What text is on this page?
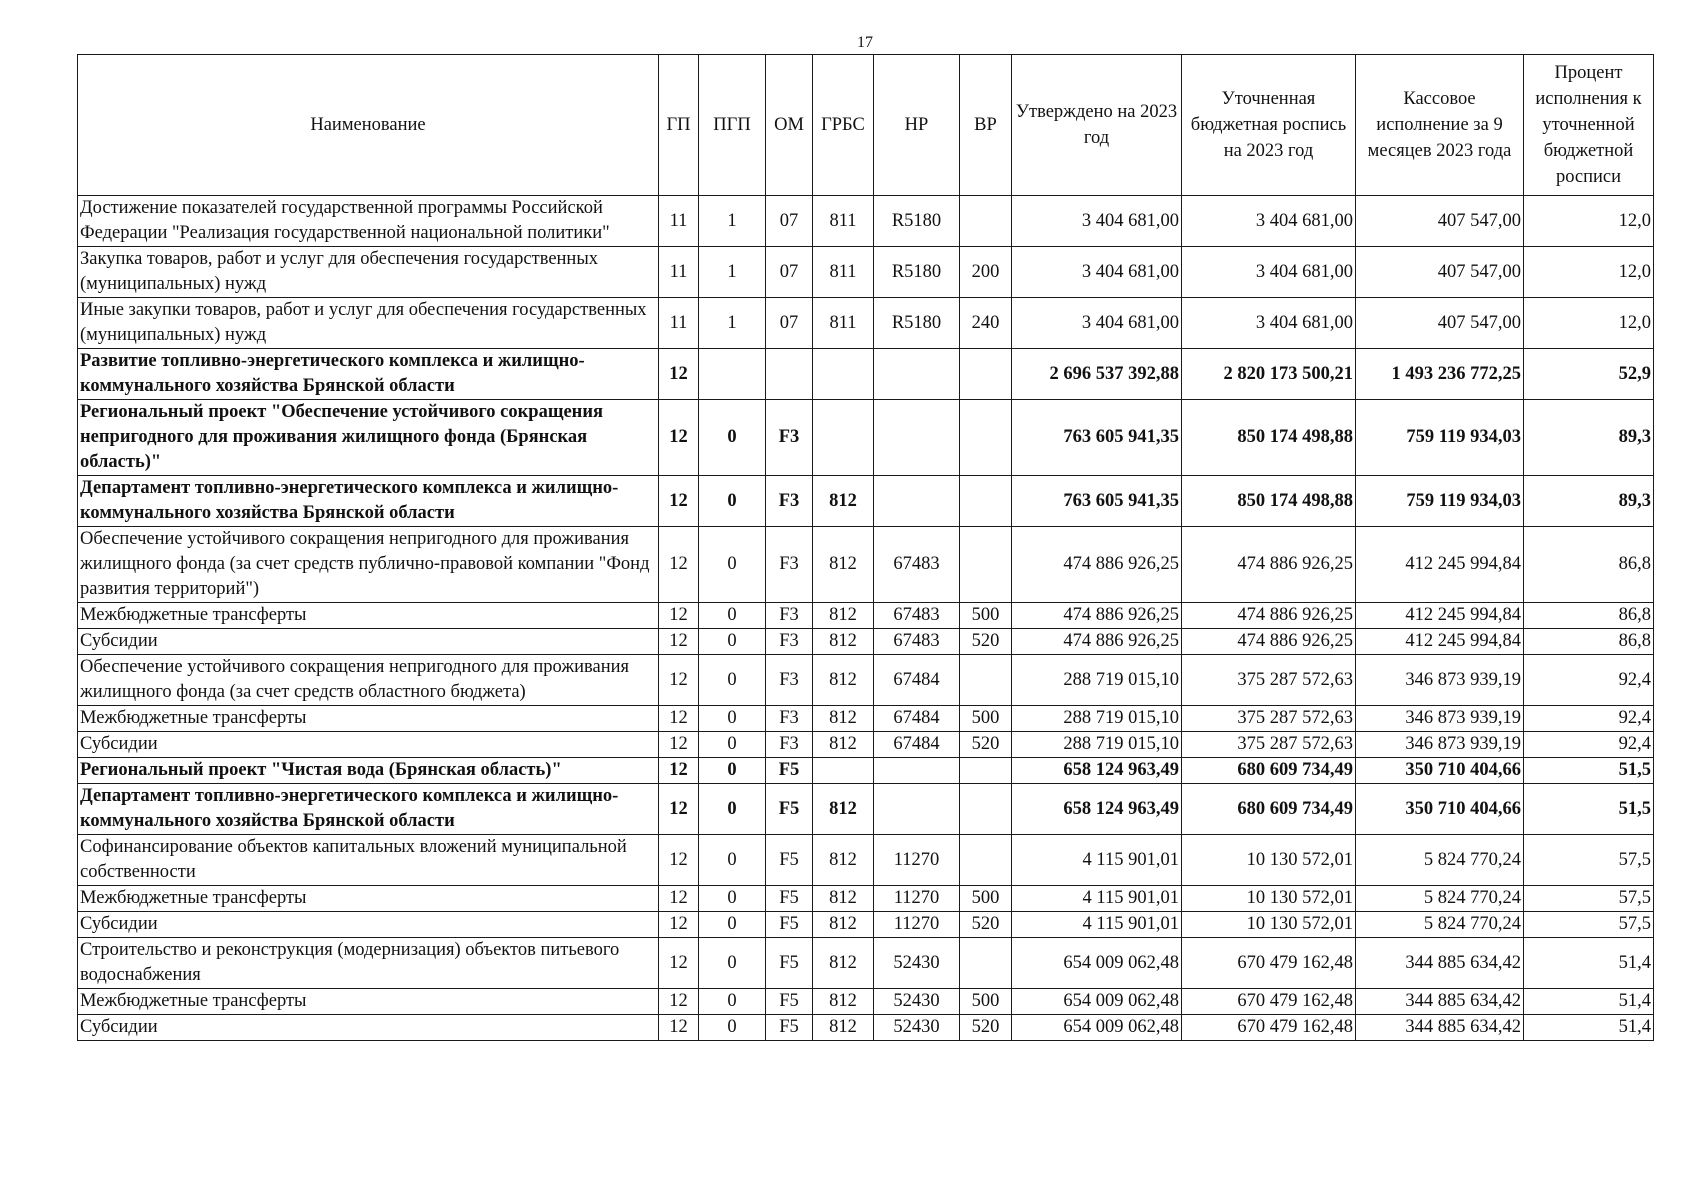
17
Наименование	ГП	ПГП	ОМ	ГРБС	НР	ВР	Утверждено на 2023 год	Уточненная бюджетная роспись на 2023 год	Кассовое исполнение за 9 месяцев 2023 года	Процент исполнения к уточненной бюджетной росписи
Достижение показателей государственной программы Российской Федерации "Реализация государственной национальной политики"	11	1	07	811	R5180		3 404 681,00	3 404 681,00	407 547,00	12,0
Закупка товаров, работ и услуг для обеспечения государственных (муниципальных) нужд	11	1	07	811	R5180	200	3 404 681,00	3 404 681,00	407 547,00	12,0
Иные закупки товаров, работ и услуг для обеспечения государственных (муниципальных) нужд	11	1	07	811	R5180	240	3 404 681,00	3 404 681,00	407 547,00	12,0
Развитие топливно-энергетического комплекса и жилищно-коммунального хозяйства Брянской области	12						2 696 537 392,88	2 820 173 500,21	1 493 236 772,25	52,9
Региональный проект "Обеспечение устойчивого сокращения непригодного для проживания жилищного фонда (Брянская область)"	12	0	F3				763 605 941,35	850 174 498,88	759 119 934,03	89,3
Департамент топливно-энергетического комплекса и жилищно-коммунального хозяйства Брянской области	12	0	F3	812			763 605 941,35	850 174 498,88	759 119 934,03	89,3
Обеспечение устойчивого сокращения непригодного для проживания жилищного фонда (за счет средств публично-правовой компании "Фонд развития территорий")	12	0	F3	812	67483		474 886 926,25	474 886 926,25	412 245 994,84	86,8
Межбюджетные трансферты	12	0	F3	812	67483	500	474 886 926,25	474 886 926,25	412 245 994,84	86,8
Субсидии	12	0	F3	812	67483	520	474 886 926,25	474 886 926,25	412 245 994,84	86,8
Обеспечение устойчивого сокращения непригодного для проживания жилищного фонда (за счет средств областного бюджета)	12	0	F3	812	67484		288 719 015,10	375 287 572,63	346 873 939,19	92,4
Межбюджетные трансферты	12	0	F3	812	67484	500	288 719 015,10	375 287 572,63	346 873 939,19	92,4
Субсидии	12	0	F3	812	67484	520	288 719 015,10	375 287 572,63	346 873 939,19	92,4
Региональный проект "Чистая вода (Брянская область)"	12	0	F5				658 124 963,49	680 609 734,49	350 710 404,66	51,5
Департамент топливно-энергетического комплекса и жилищно-коммунального хозяйства Брянской области	12	0	F5	812			658 124 963,49	680 609 734,49	350 710 404,66	51,5
Софинансирование объектов капитальных вложений муниципальной собственности	12	0	F5	812	11270		4 115 901,01	10 130 572,01	5 824 770,24	57,5
Межбюджетные трансферты	12	0	F5	812	11270	500	4 115 901,01	10 130 572,01	5 824 770,24	57,5
Субсидии	12	0	F5	812	11270	520	4 115 901,01	10 130 572,01	5 824 770,24	57,5
Строительство и реконструкция (модернизация) объектов питьевого водоснабжения	12	0	F5	812	52430		654 009 062,48	670 479 162,48	344 885 634,42	51,4
Межбюджетные трансферты	12	0	F5	812	52430	500	654 009 062,48	670 479 162,48	344 885 634,42	51,4
Субсидии	12	0	F5	812	52430	520	654 009 062,48	670 479 162,48	344 885 634,42	51,4
